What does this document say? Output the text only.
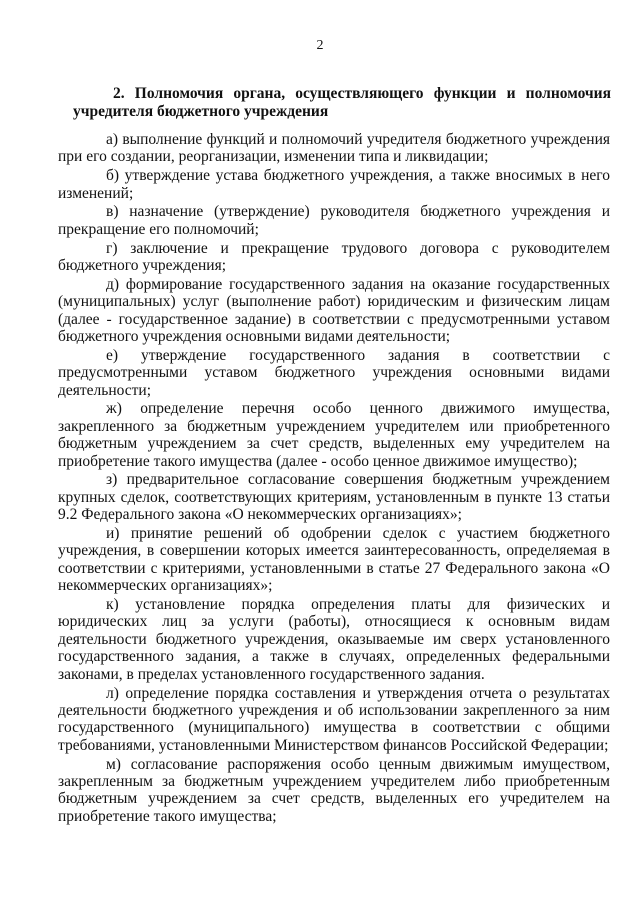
2
2. Полномочия органа, осуществляющего функции и полномочия учредителя бюджетного учреждения

а) выполнение функций и полномочий учредителя бюджетного учреждения при его создании, реорганизации, изменении типа и ликвидации;

б) утверждение устава бюджетного учреждения, а также вносимых в него изменений;

в) назначение (утверждение) руководителя бюджетного учреждения и прекращение его полномочий;

г) заключение и прекращение трудового договора с руководителем бюджетного учреждения;

д) формирование государственного задания на оказание государственных (муниципальных) услуг (выполнение работ) юридическим и физическим лицам (далее - государственное задание) в соответствии с предусмотренными уставом бюджетного учреждения основными видами деятельности;

е) утверждение государственного задания в соответствии с предусмотренными уставом бюджетного учреждения основными видами деятельности;

ж) определение перечня особо ценного движимого имущества, закрепленного за бюджетным учреждением учредителем или приобретенного бюджетным учреждением за счет средств, выделенных ему учредителем на приобретение такого имущества (далее - особо ценное движимое имущество);

з) предварительное согласование совершения бюджетным учреждением крупных сделок, соответствующих критериям, установленным в пункте 13 статьи 9.2 Федерального закона «О некоммерческих организациях»;

и) принятие решений об одобрении сделок с участием бюджетного учреждения, в совершении которых имеется заинтересованность, определяемая в соответствии с критериями, установленными в статье 27 Федерального закона «О некоммерческих организациях»;

к) установление порядка определения платы для физических и юридических лиц за услуги (работы), относящиеся к основным видам деятельности бюджетного учреждения, оказываемые им сверх установленного государственного задания, а также в случаях, определенных федеральными законами, в пределах установленного государственного задания.

л) определение порядка составления и утверждения отчета о результатах деятельности бюджетного учреждения и об использовании закрепленного за ним государственного (муниципального) имущества в соответствии с общими требованиями, установленными Министерством финансов Российской Федерации;

м) согласование распоряжения особо ценным движимым имуществом, закрепленным за бюджетным учреждением учредителем либо приобретенным бюджетным учреждением за счет средств, выделенных его учредителем на приобретение такого имущества;
